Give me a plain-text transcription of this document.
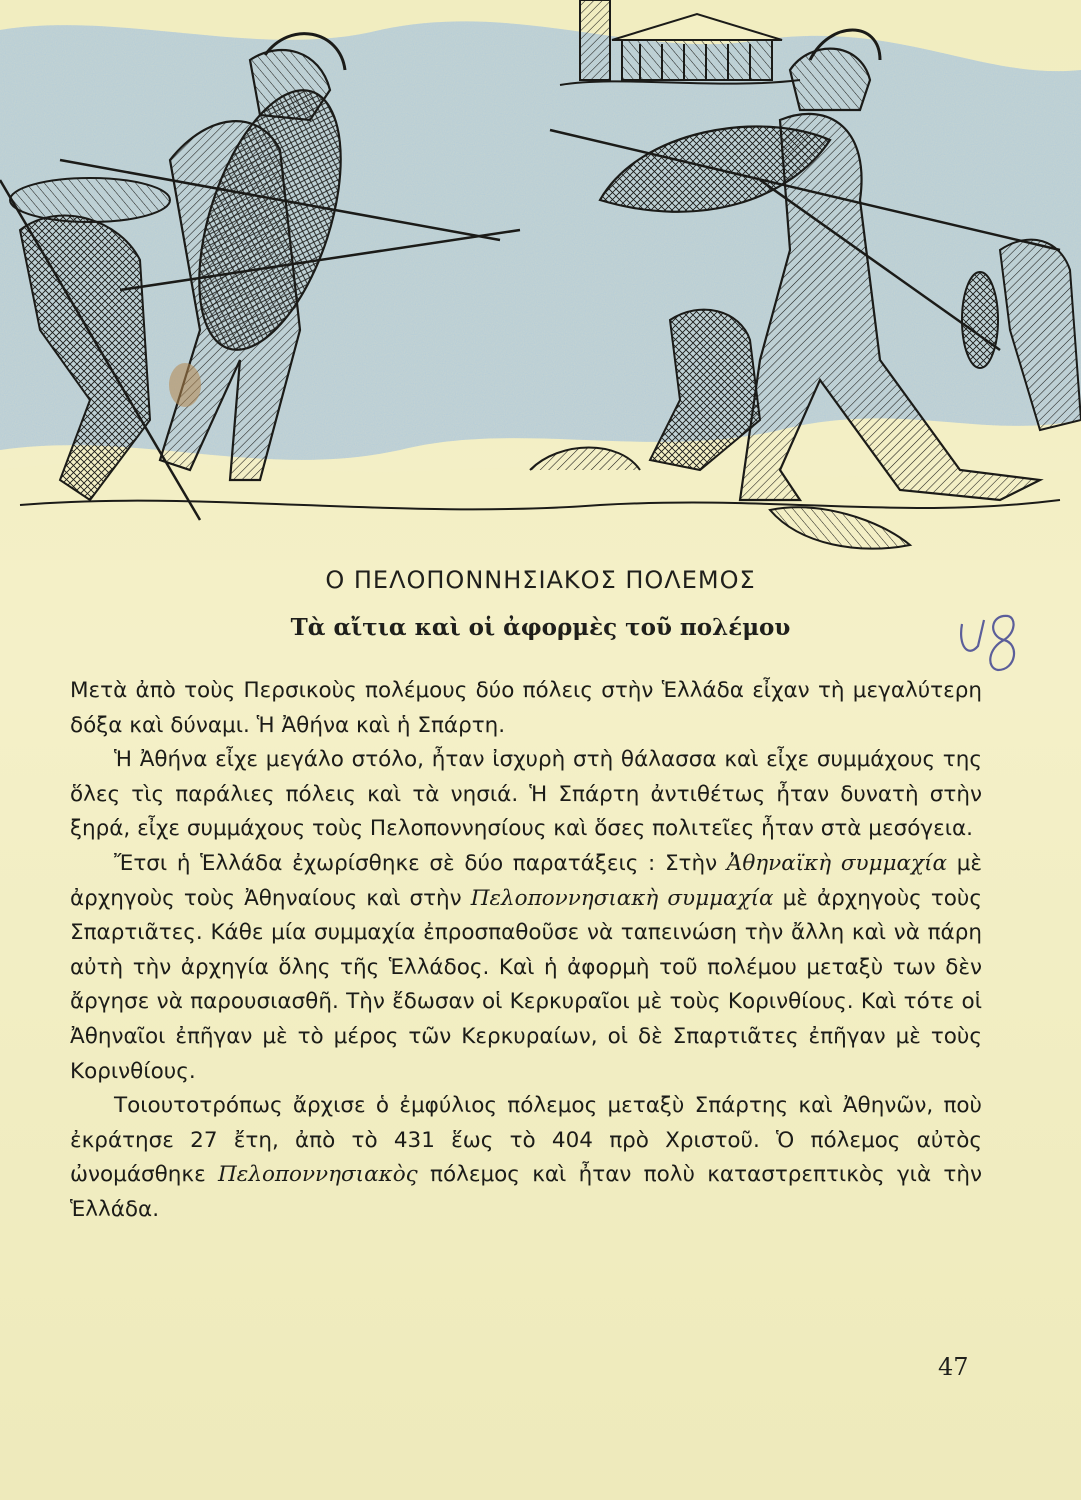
Ο ΠΕΛΟΠΟΝΝΗΣΙΑΚΟΣ ΠΟΛΕΜΟΣ
Τὰ αἴτια καὶ οἱ ἀφορμὲς τοῦ πολέμου

Μετὰ ἀπὸ τοὺς Περσικοὺς πολέμους δύο πόλεις στὴν Ἑλλάδα εἶχαν τὴ μεγαλύτερη δόξα καὶ δύναμι. Ἡ Ἀθήνα καὶ ἡ Σπάρτη.

Ἡ Ἀθήνα εἶχε μεγάλο στόλο, ἦταν ἰσχυρὴ στὴ θάλασσα καὶ εἶχε συμμάχους της ὅλες τὶς παράλιες πόλεις καὶ τὰ νησιά. Ἡ Σπάρτη ἀντιθέτως ἦταν δυνατὴ στὴν ξηρά, εἶχε συμμάχους τοὺς Πελοποννησίους καὶ ὅσες πολιτεῖες ἦταν στὰ μεσόγεια.

Ἔτσι ἡ Ἑλλάδα ἐχωρίσθηκε σὲ δύο παρατάξεις : Στὴν Ἀθηναϊκὴ συμμαχία μὲ ἀρχηγοὺς τοὺς Ἀθηναίους καὶ στὴν Πελοποννησιακὴ συμμαχία μὲ ἀρχηγοὺς τοὺς Σπαρτιᾶτες. Κάθε μία συμμαχία ἐπροσπαθοῦσε νὰ ταπεινώση τὴν ἄλλη καὶ νὰ πάρη αὐτὴ τὴν ἀρχηγία ὅλης τῆς Ἑλλάδος. Καὶ ἡ ἀφορμὴ τοῦ πολέμου μεταξὺ των δὲν ἄργησε νὰ παρουσιασθῆ. Τὴν ἔδωσαν οἱ Κερκυραῖοι μὲ τοὺς Κορινθίους. Καὶ τότε οἱ Ἀθηναῖοι ἐπῆγαν μὲ τὸ μέρος τῶν Κερκυραίων, οἱ δὲ Σπαρτιᾶτες ἐπῆγαν μὲ τοὺς Κορινθίους.

Τοιουτοτρόπως ἄρχισε ὁ ἐμφύλιος πόλεμος μεταξὺ Σπάρτης καὶ Ἀθηνῶν, ποὺ ἐκράτησε 27 ἔτη, ἀπὸ τὸ 431 ἕως τὸ 404 πρὸ Χριστοῦ. Ὁ πόλεμος αὐτὸς ὠνομάσθηκε Πελοποννησιακὸς πόλεμος καὶ ἦταν πολὺ καταστρεπτικὸς γιὰ τὴν Ἑλλάδα.

47
